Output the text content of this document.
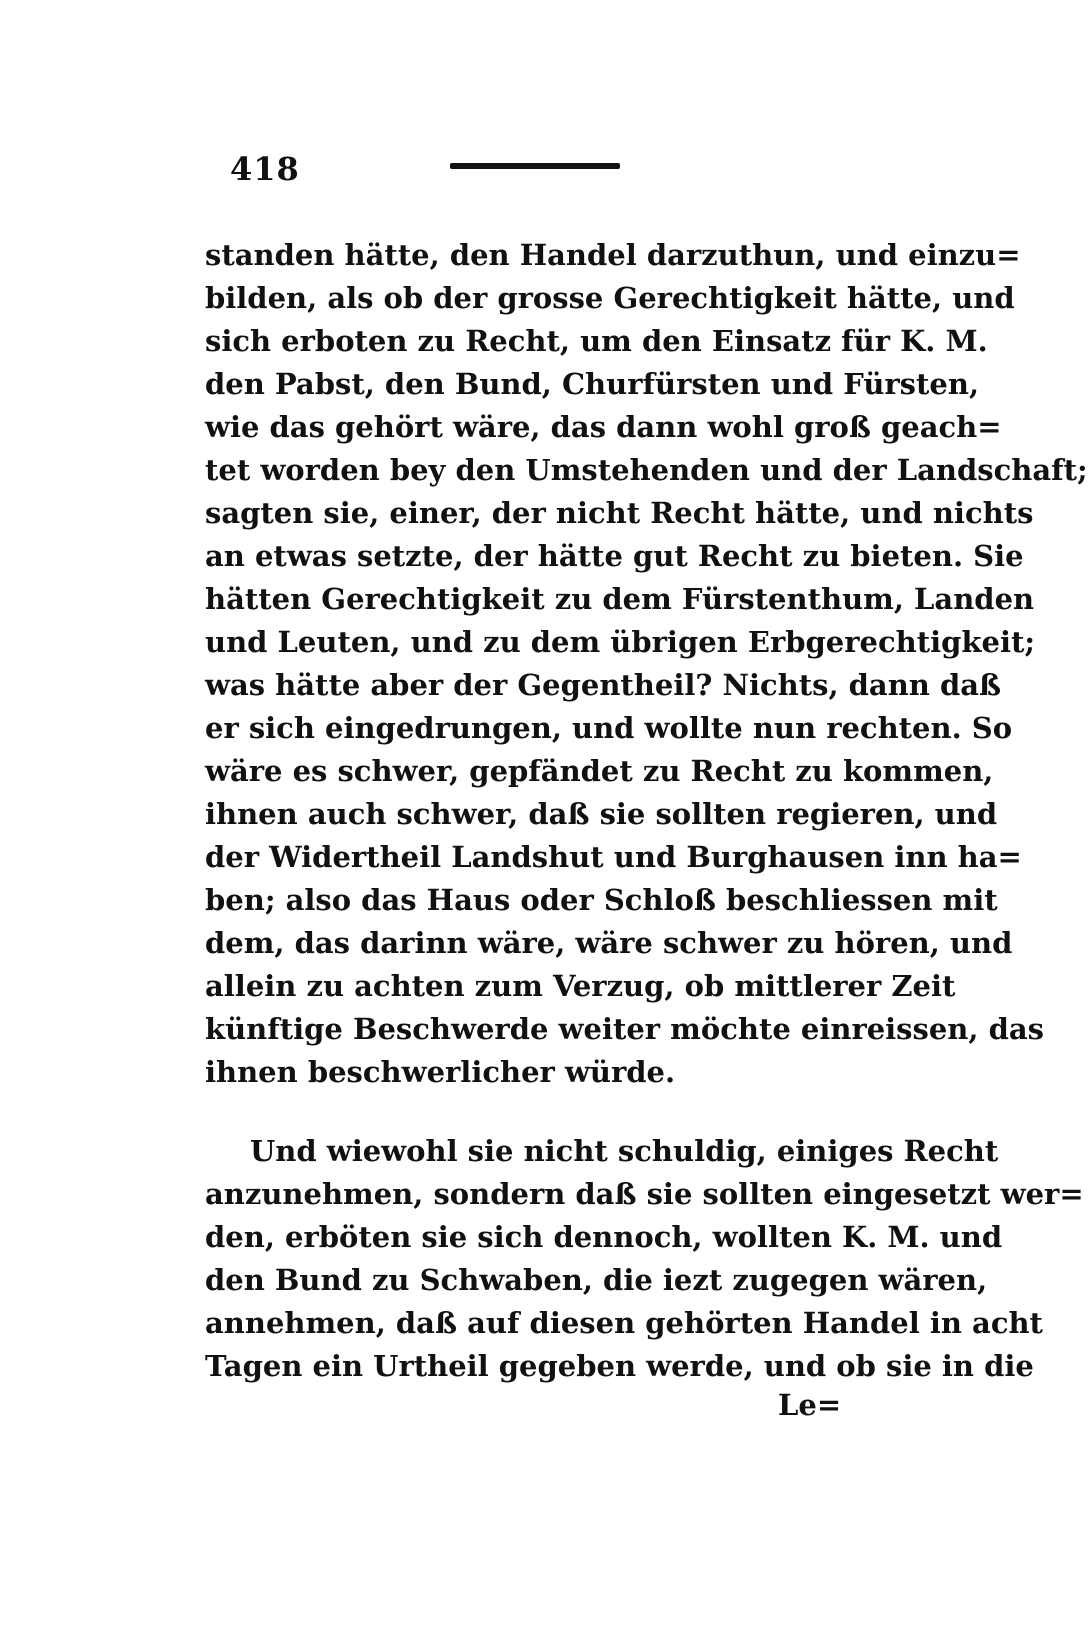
418
standen hätte, den Handel darzuthun, und einzu=
bilden, als ob der grosse Gerechtigkeit hätte, und
sich erboten zu Recht, um den Einsatz für K. M.
den Pabst, den Bund, Churfürsten und Fürsten,
wie das gehört wäre, das dann wohl groß geach=
tet worden bey den Umstehenden und der Landschaft;
sagten sie, einer, der nicht Recht hätte, und nichts
an etwas setzte, der hätte gut Recht zu bieten. Sie
hätten Gerechtigkeit zu dem Fürstenthum, Landen
und Leuten, und zu dem übrigen Erbgerechtigkeit;
was hätte aber der Gegentheil? Nichts, dann daß
er sich eingedrungen, und wollte nun rechten. So
wäre es schwer, gepfändet zu Recht zu kommen,
ihnen auch schwer, daß sie sollten regieren, und
der Widertheil Landshut und Burghausen inn ha=
ben; also das Haus oder Schloß beschliessen mit
dem, das darinn wäre, wäre schwer zu hören, und
allein zu achten zum Verzug, ob mittlerer Zeit
künftige Beschwerde weiter möchte einreissen, das
ihnen beschwerlicher würde.
Und wiewohl sie nicht schuldig, einiges Recht
anzunehmen, sondern daß sie sollten eingesetzt wer=
den, erböten sie sich dennoch, wollten K. M. und
den Bund zu Schwaben, die iezt zugegen wären,
annehmen, daß auf diesen gehörten Handel in acht
Tagen ein Urtheil gegeben werde, und ob sie in die
Le=
